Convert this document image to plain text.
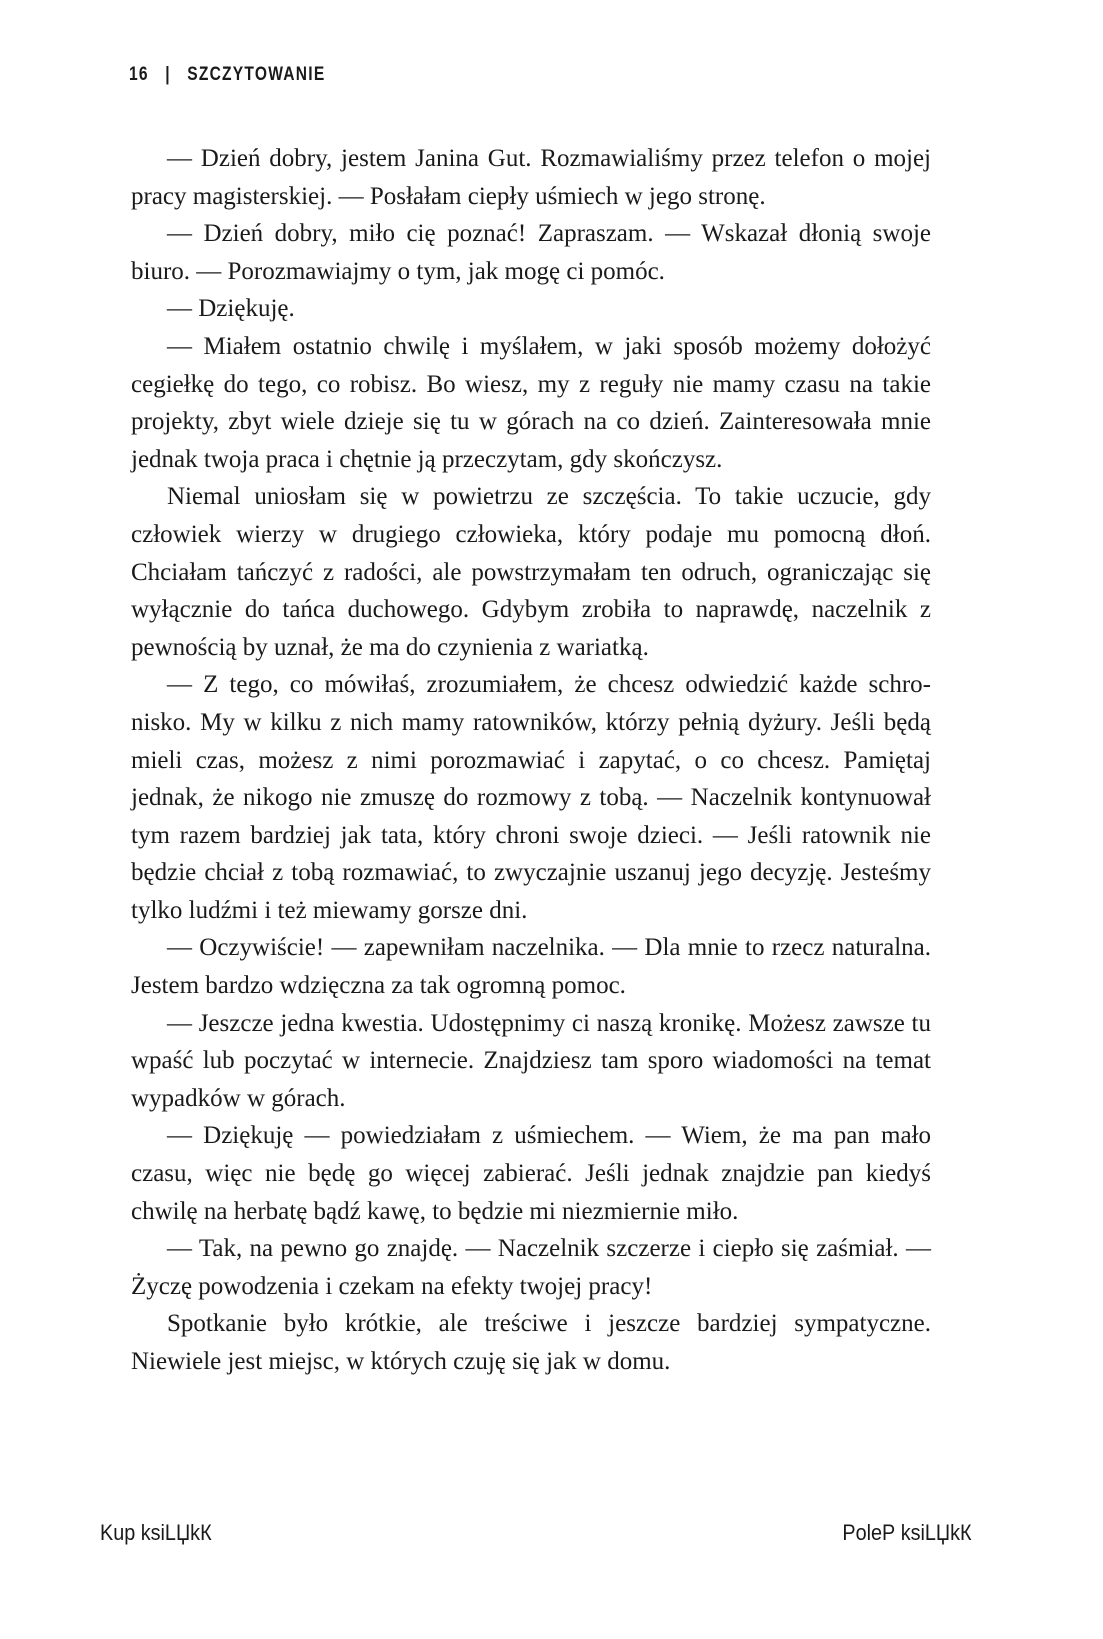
16 | SZCZYTOWANIE

— Dzień dobry, jestem Janina Gut. Rozmawialiśmy przez telefon o mojej pracy magisterskiej. — Posłałam ciepły uśmiech w jego stronę.

— Dzień dobry, miło cię poznać! Zapraszam. — Wskazał dłonią swoje biuro. — Porozmawiajmy o tym, jak mogę ci pomóc.

— Dziękuję.

— Miałem ostatnio chwilę i myślałem, w jaki sposób możemy dołożyć cegiełkę do tego, co robisz. Bo wiesz, my z reguły nie mamy czasu na takie projekty, zbyt wiele dzieje się tu w górach na co dzień. Zainteresowała mnie jednak twoja praca i chętnie ją przeczytam, gdy skończysz.

Niemal uniosłam się w powietrzu ze szczęścia. To takie uczucie, gdy człowiek wierzy w drugiego człowieka, który podaje mu pomocną dłoń. Chciałam tańczyć z radości, ale powstrzymałam ten odruch, ograniczając się wyłącznie do tańca duchowego. Gdybym zrobiła to naprawdę, naczelnik z pewnością by uznał, że ma do czynienia z wariatką.

— Z tego, co mówiłaś, zrozumiałem, że chcesz odwiedzić każde schronisko. My w kilku z nich mamy ratowników, którzy pełnią dyżury. Jeśli będą mieli czas, możesz z nimi porozmawiać i zapytać, o co chcesz. Pamiętaj jednak, że nikogo nie zmuszę do rozmowy z tobą. — Naczelnik kontynuował tym razem bardziej jak tata, który chroni swoje dzieci. — Jeśli ratownik nie będzie chciał z tobą rozmawiać, to zwyczajnie uszanuj jego decyzję. Jesteśmy tylko ludźmi i też miewamy gorsze dni.

— Oczywiście! — zapewniłam naczelnika. — Dla mnie to rzecz naturalna. Jestem bardzo wdzięczna za tak ogromną pomoc.

— Jeszcze jedna kwestia. Udostępnimy ci naszą kronikę. Możesz zawsze tu wpaść lub poczytać w internecie. Znajdziesz tam sporo wiadomości na temat wypadków w górach.

— Dziękuję — powiedziałam z uśmiechem. — Wiem, że ma pan mało czasu, więc nie będę go więcej zabierać. Jeśli jednak znajdzie pan kiedyś chwilę na herbatę bądź kawę, to będzie mi niezmiernie miło.

— Tak, na pewno go znajdę. — Naczelnik szczerze i ciepło się zaśmiał. — Życzę powodzenia i czekam na efekty twojej pracy!

Spotkanie było krótkie, ale treściwe i jeszcze bardziej sympatyczne. Niewiele jest miejsc, w których czuję się jak w domu.

Kup ksiLЏkК	PoleР ksiLЏkК
